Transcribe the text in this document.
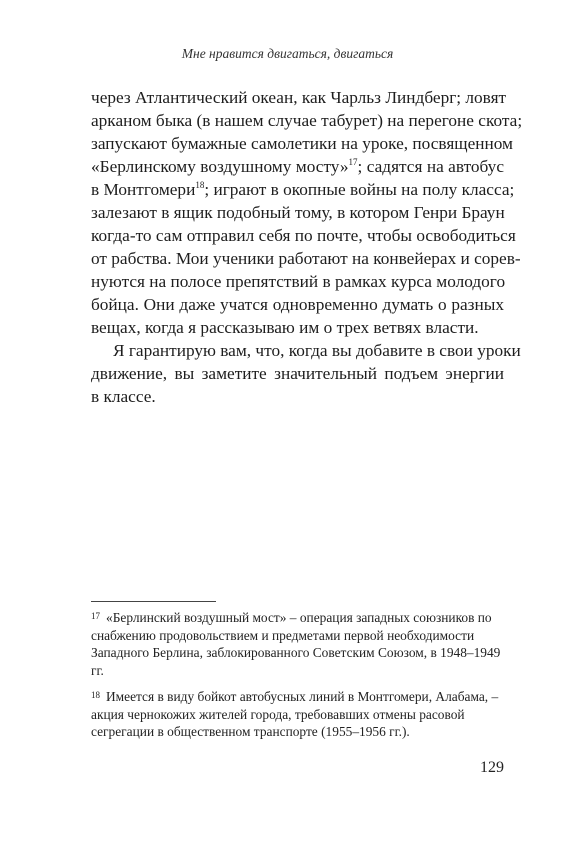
Мне нравится двигаться, двигаться

через Атлантический океан, как Чарльз Линдберг; ловят
арканом быка (в нашем случае табурет) на перегоне скота;
запускают бумажные самолетики на уроке, посвященном
«Берлинскому воздушному мосту»$^{17}$; садятся на автобус
в Монтгомери$^{18}$; играют в окопные войны на полу класса;
залезают в ящик подобный тому, в котором Генри Браун
когда-то сам отправил себя по почте, чтобы освободиться
от рабства. Мои ученики работают на конвейерах и сорев-
нуются на полосе препятствий в рамках курса молодого
бойца. Они даже учатся одновременно думать о разных
вещах, когда я рассказываю им о трех ветвях власти.

Я гарантирую вам, что, когда вы добавите в свои уроки
движение, вы заметите значительный подъем энергии
в классе.

$^{17}$ «Берлинский воздушный мост» – операция западных союзников по снабжению продовольствием и предметами первой необходимости Западного Берлина, заблокированного Советским Союзом, в 1948–1949 гг.

$^{18}$ Имеется в виду бойкот автобусных линий в Монтгомери, Алабама, – акция чернокожих жителей города, требовавших отмены расовой сегрегации в общественном транспорте (1955–1956 гг.).

129
